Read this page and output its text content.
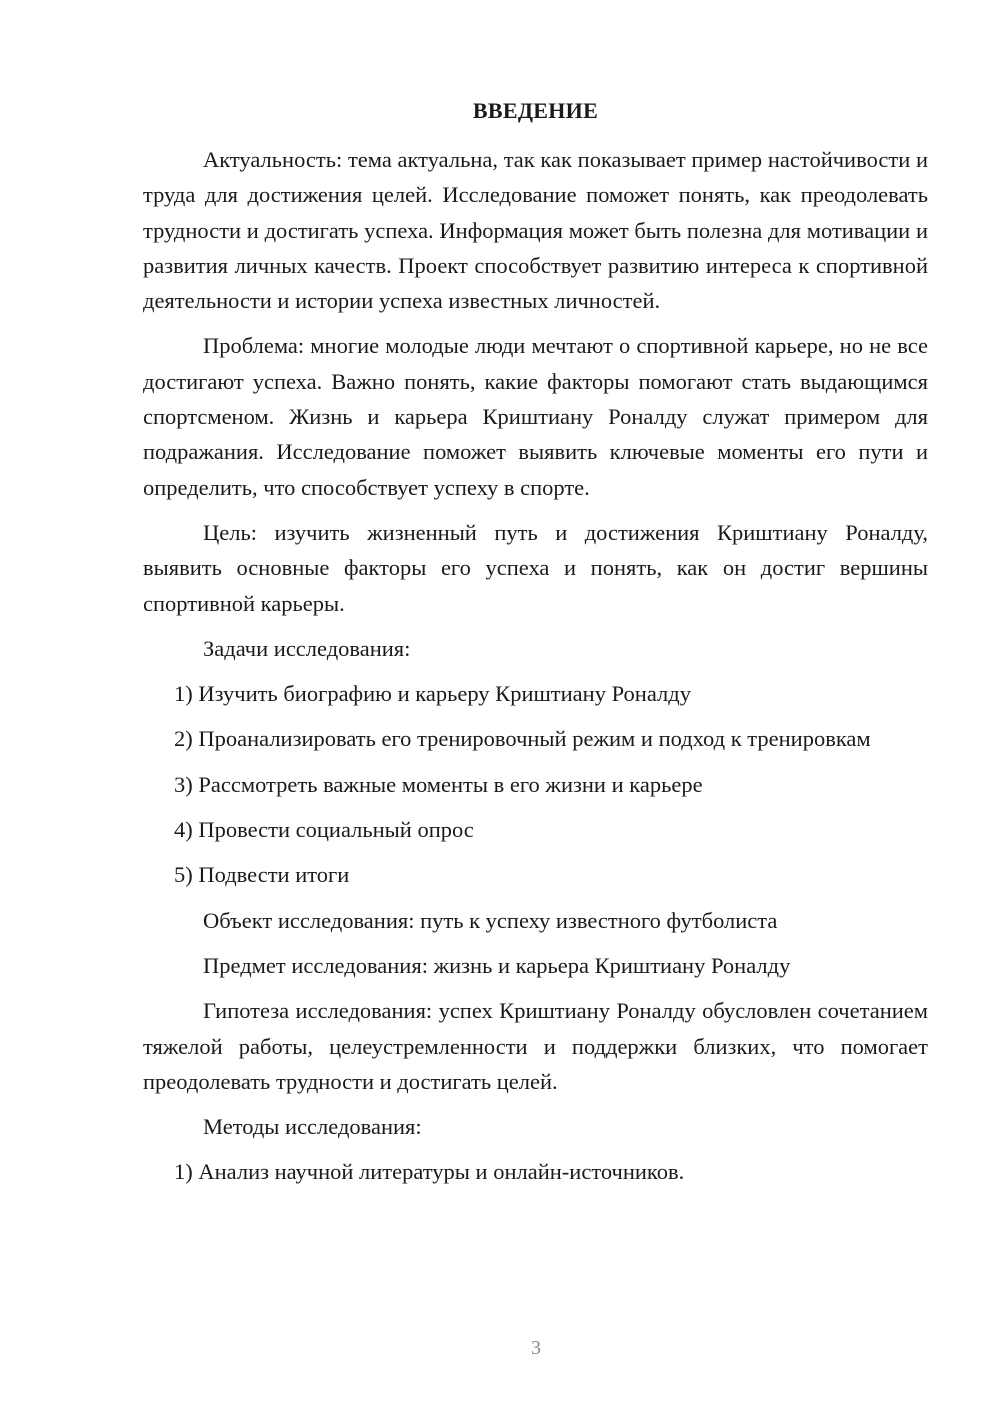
ВВЕДЕНИЕ

Актуальность: тема актуальна, так как показывает пример настойчивости и труда для достижения целей. Исследование поможет понять, как преодолевать трудности и достигать успеха. Информация может быть полезна для мотивации и развития личных качеств. Проект способствует развитию интереса к спортивной деятельности и истории успеха известных личностей.

Проблема: многие молодые люди мечтают о спортивной карьере, но не все достигают успеха. Важно понять, какие факторы помогают стать выдающимся спортсменом. Жизнь и карьера Криштиану Роналду служат примером для подражания. Исследование поможет выявить ключевые моменты его пути и определить, что способствует успеху в спорте.

Цель: изучить жизненный путь и достижения Криштиану Роналду, выявить основные факторы его успеха и понять, как он достиг вершины спортивной карьеры.

Задачи исследования:

1) Изучить биографию и карьеру Криштиану Роналду

2) Проанализировать его тренировочный режим и подход к тренировкам

3) Рассмотреть важные моменты в его жизни и карьере

4) Провести социальный опрос

5) Подвести итоги

Объект исследования: путь к успеху известного футболиста

Предмет исследования: жизнь и карьера Криштиану Роналду

Гипотеза исследования: успех Криштиану Роналду обусловлен сочетанием тяжелой работы, целеустремленности и поддержки близких, что помогает преодолевать трудности и достигать целей.

Методы исследования:

1) Анализ научной литературы и онлайн-источников.

3
